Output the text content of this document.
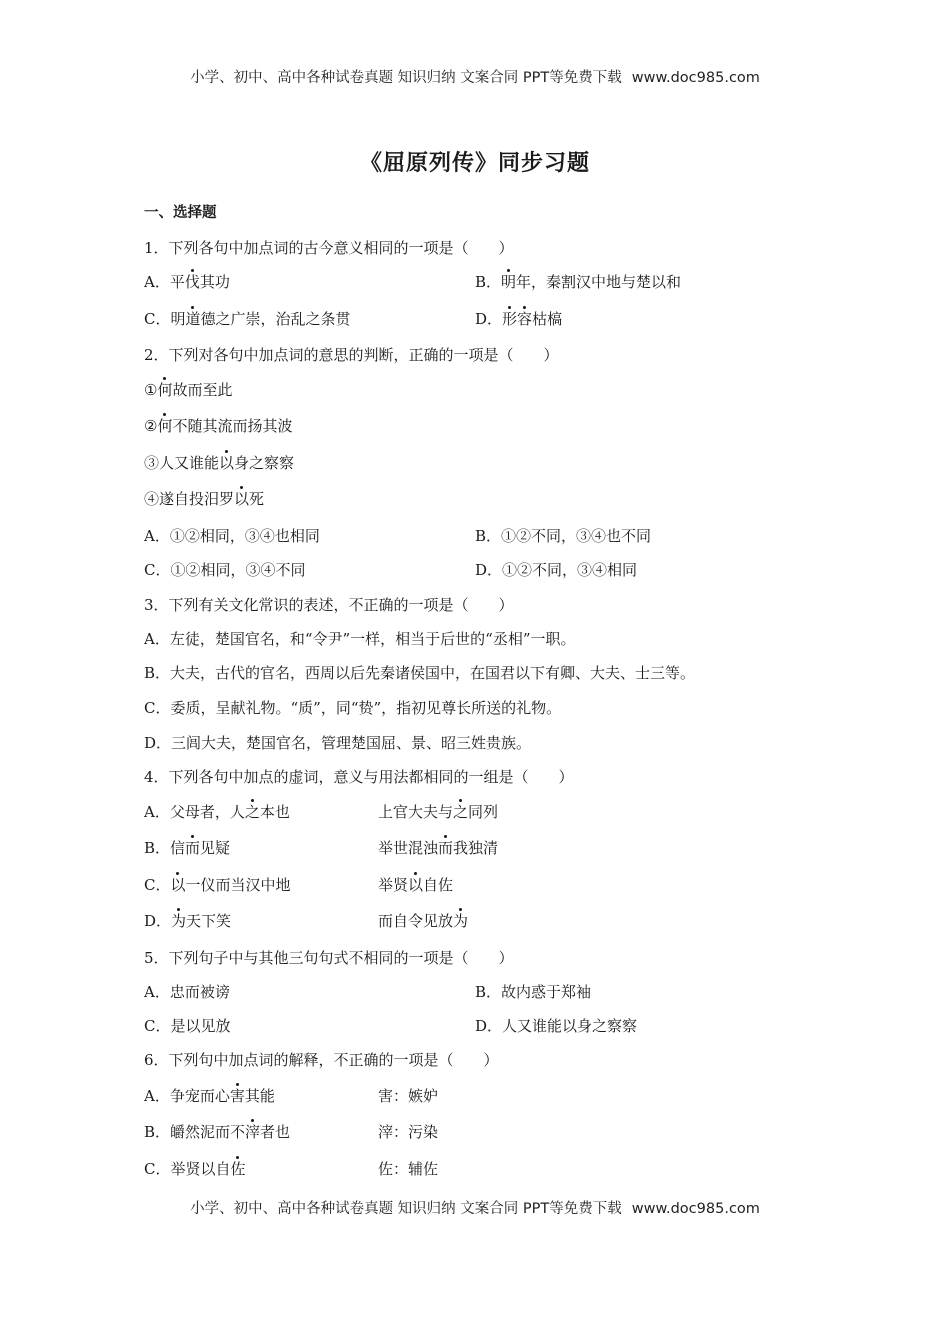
小学、初中、高中各种试卷真题 知识归纳 文案合同 PPT等免费下载 www.doc985.com
《屈原列传》同步习题
一、选择题
1．下列各句中加点词的古今意义相同的一项是（　　）
A．平伐其功	B．明年，秦割汉中地与楚以和
C．明道德之广崇，治乱之条贯	D．形容枯槁
2．下列对各句中加点词的意思的判断，正确的一项是（　　）
①何故而至此
②何不随其流而扬其波
③人又谁能以身之察察
④遂自投汨罗以死
A．①②相同，③④也相同	B．①②不同，③④也不同
C．①②相同，③④不同	D．①②不同，③④相同
3．下列有关文化常识的表述，不正确的一项是（　　）
A．左徒，楚国官名，和“令尹”一样，相当于后世的“丞相”一职。
B．大夫，古代的官名，西周以后先秦诸侯国中，在国君以下有卿、大夫、士三等。
C．委质，呈献礼物。“质”，同“贽”，指初见尊长所送的礼物。
D．三闾大夫，楚国官名，管理楚国屈、景、昭三姓贵族。
4．下列各句中加点的虚词，意义与用法都相同的一组是（　　）
A．父母者，人之本也	上官大夫与之同列
B．信而见疑	举世混浊而我独清
C．以一仪而当汉中地	举贤以自佐
D．为天下笑	而自令见放为
5．下列句子中与其他三句句式不相同的一项是（　　）
A．忠而被谤	B．故内惑于郑袖
C．是以见放	D．人又谁能以身之察察
6．下列句中加点词的解释，不正确的一项是（　　）
A．争宠而心害其能	害：嫉妒
B．皭然泥而不滓者也	滓：污染
C．举贤以自佐	佐：辅佐
小学、初中、高中各种试卷真题 知识归纳 文案合同 PPT等免费下载 www.doc985.com
